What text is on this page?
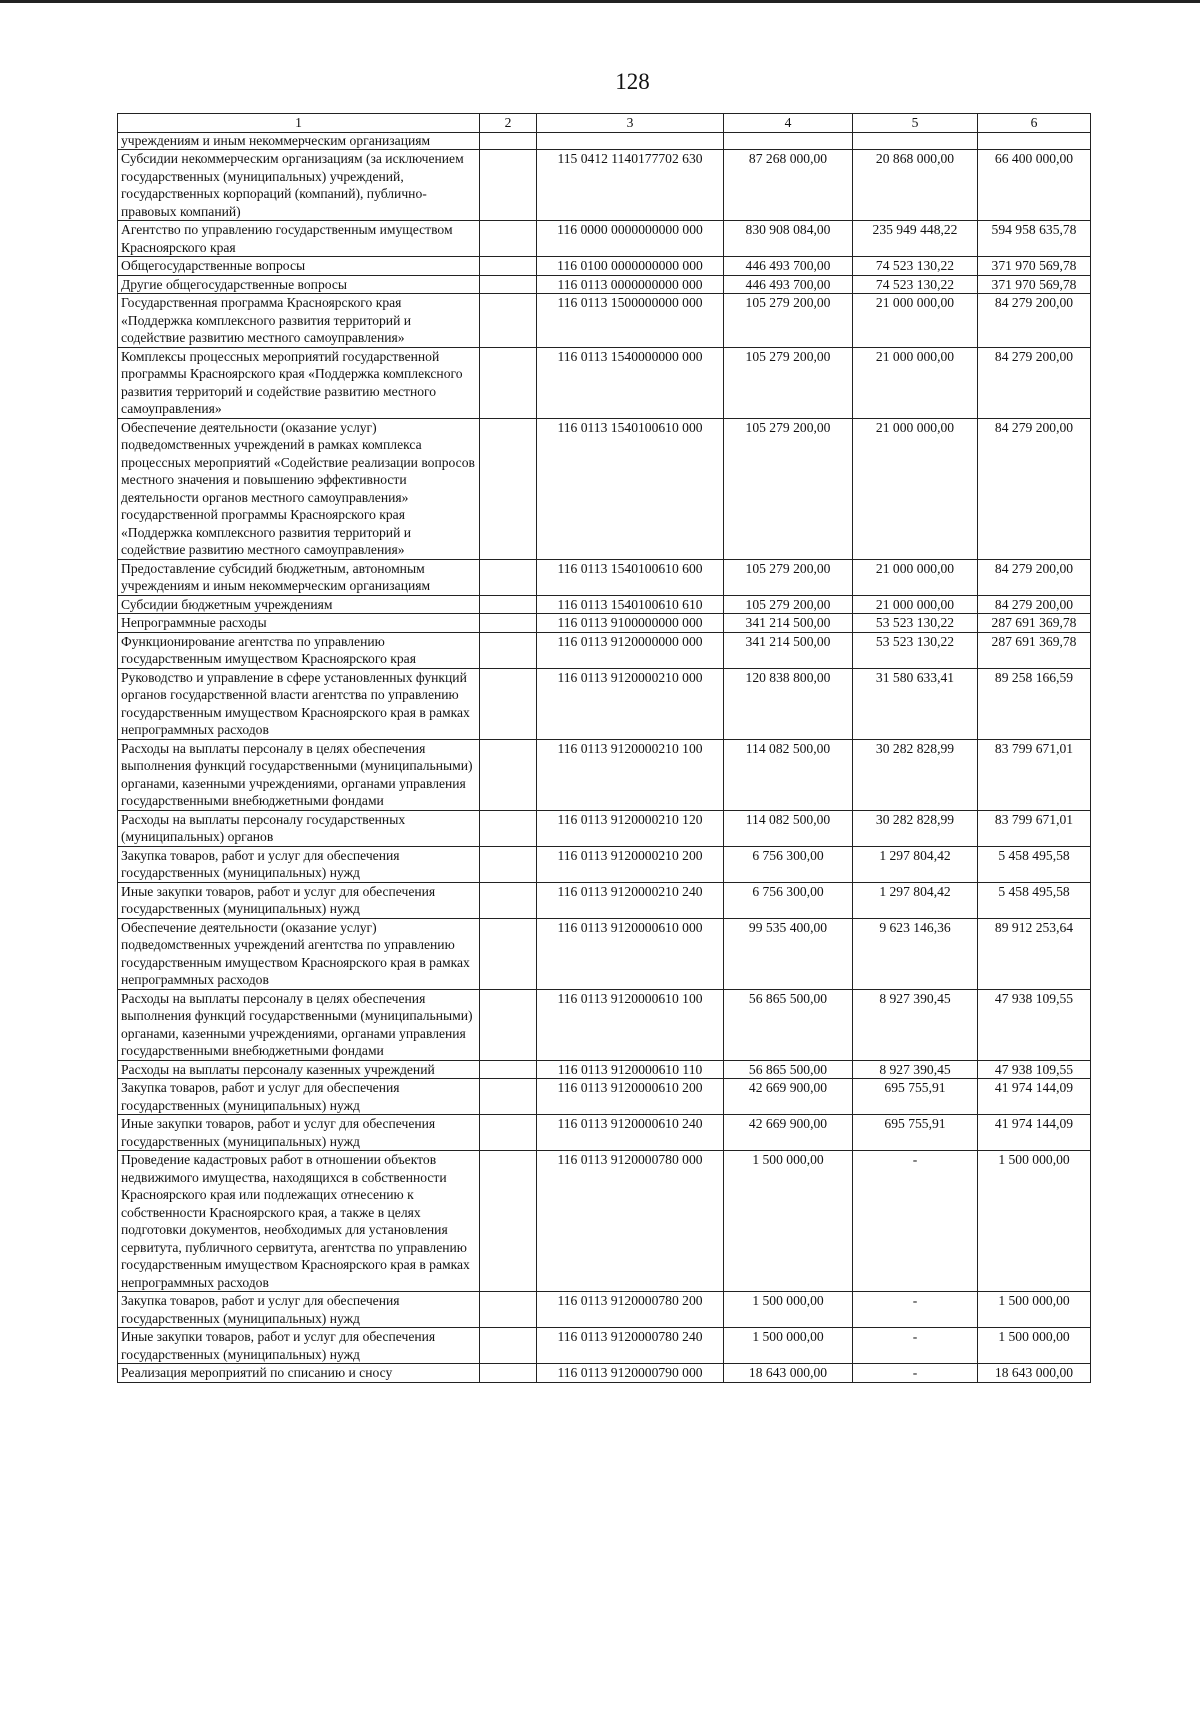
128
1	2	3	4	5	6
учреждениям и иным некоммерческим организациям					
Субсидии некоммерческим организациям (за исключением государственных (муниципальных) учреждений, государственных корпораций (компаний), публично-правовых компаний)		115 0412 1140177702 630	87 268 000,00	20 868 000,00	66 400 000,00
Агентство по управлению государственным имуществом Красноярского края		116 0000 0000000000 000	830 908 084,00	235 949 448,22	594 958 635,78
Общегосударственные вопросы		116 0100 0000000000 000	446 493 700,00	74 523 130,22	371 970 569,78
Другие общегосударственные вопросы		116 0113 0000000000 000	446 493 700,00	74 523 130,22	371 970 569,78
Государственная программа Красноярского края «Поддержка комплексного развития территорий и содействие развитию местного самоуправления»		116 0113 1500000000 000	105 279 200,00	21 000 000,00	84 279 200,00
Комплексы процессных мероприятий государственной программы Красноярского края «Поддержка комплексного развития территорий и содействие развитию местного самоуправления»		116 0113 1540000000 000	105 279 200,00	21 000 000,00	84 279 200,00
Обеспечение деятельности (оказание услуг) подведомственных учреждений в рамках комплекса процессных мероприятий «Содействие реализации вопросов местного значения и повышению эффективности деятельности органов местного самоуправления» государственной программы Красноярского края «Поддержка комплексного развития территорий и содействие развитию местного самоуправления»		116 0113 1540100610 000	105 279 200,00	21 000 000,00	84 279 200,00
Предоставление субсидий бюджетным, автономным учреждениям и иным некоммерческим организациям		116 0113 1540100610 600	105 279 200,00	21 000 000,00	84 279 200,00
Субсидии бюджетным учреждениям		116 0113 1540100610 610	105 279 200,00	21 000 000,00	84 279 200,00
Непрограммные расходы		116 0113 9100000000 000	341 214 500,00	53 523 130,22	287 691 369,78
Функционирование агентства по управлению государственным имуществом Красноярского края		116 0113 9120000000 000	341 214 500,00	53 523 130,22	287 691 369,78
Руководство и управление в сфере установленных функций органов государственной власти агентства по управлению государственным имуществом Красноярского края в рамках непрограммных расходов		116 0113 9120000210 000	120 838 800,00	31 580 633,41	89 258 166,59
Расходы на выплаты персоналу в целях обеспечения выполнения функций государственными (муниципальными) органами, казенными учреждениями, органами управления государственными внебюджетными фондами		116 0113 9120000210 100	114 082 500,00	30 282 828,99	83 799 671,01
Расходы на выплаты персоналу государственных (муниципальных) органов		116 0113 9120000210 120	114 082 500,00	30 282 828,99	83 799 671,01
Закупка товаров, работ и услуг для обеспечения государственных (муниципальных) нужд		116 0113 9120000210 200	6 756 300,00	1 297 804,42	5 458 495,58
Иные закупки товаров, работ и услуг для обеспечения государственных (муниципальных) нужд		116 0113 9120000210 240	6 756 300,00	1 297 804,42	5 458 495,58
Обеспечение деятельности (оказание услуг) подведомственных учреждений агентства по управлению государственным имуществом Красноярского края в рамках непрограммных расходов		116 0113 9120000610 000	99 535 400,00	9 623 146,36	89 912 253,64
Расходы на выплаты персоналу в целях обеспечения выполнения функций государственными (муниципальными) органами, казенными учреждениями, органами управления государственными внебюджетными фондами		116 0113 9120000610 100	56 865 500,00	8 927 390,45	47 938 109,55
Расходы на выплаты персоналу казенных учреждений		116 0113 9120000610 110	56 865 500,00	8 927 390,45	47 938 109,55
Закупка товаров, работ и услуг для обеспечения государственных (муниципальных) нужд		116 0113 9120000610 200	42 669 900,00	695 755,91	41 974 144,09
Иные закупки товаров, работ и услуг для обеспечения государственных (муниципальных) нужд		116 0113 9120000610 240	42 669 900,00	695 755,91	41 974 144,09
Проведение кадастровых работ в отношении объектов недвижимого имущества, находящихся в собственности Красноярского края или подлежащих отнесению к собственности Красноярского края, а также в целях подготовки документов, необходимых для установления сервитута, публичного сервитута, агентства по управлению государственным имуществом Красноярского края в рамках непрограммных расходов		116 0113 9120000780 000	1 500 000,00	-	1 500 000,00
Закупка товаров, работ и услуг для обеспечения государственных (муниципальных) нужд		116 0113 9120000780 200	1 500 000,00	-	1 500 000,00
Иные закупки товаров, работ и услуг для обеспечения государственных (муниципальных) нужд		116 0113 9120000780 240	1 500 000,00	-	1 500 000,00
Реализация мероприятий по списанию и сносу		116 0113 9120000790 000	18 643 000,00	-	18 643 000,00
